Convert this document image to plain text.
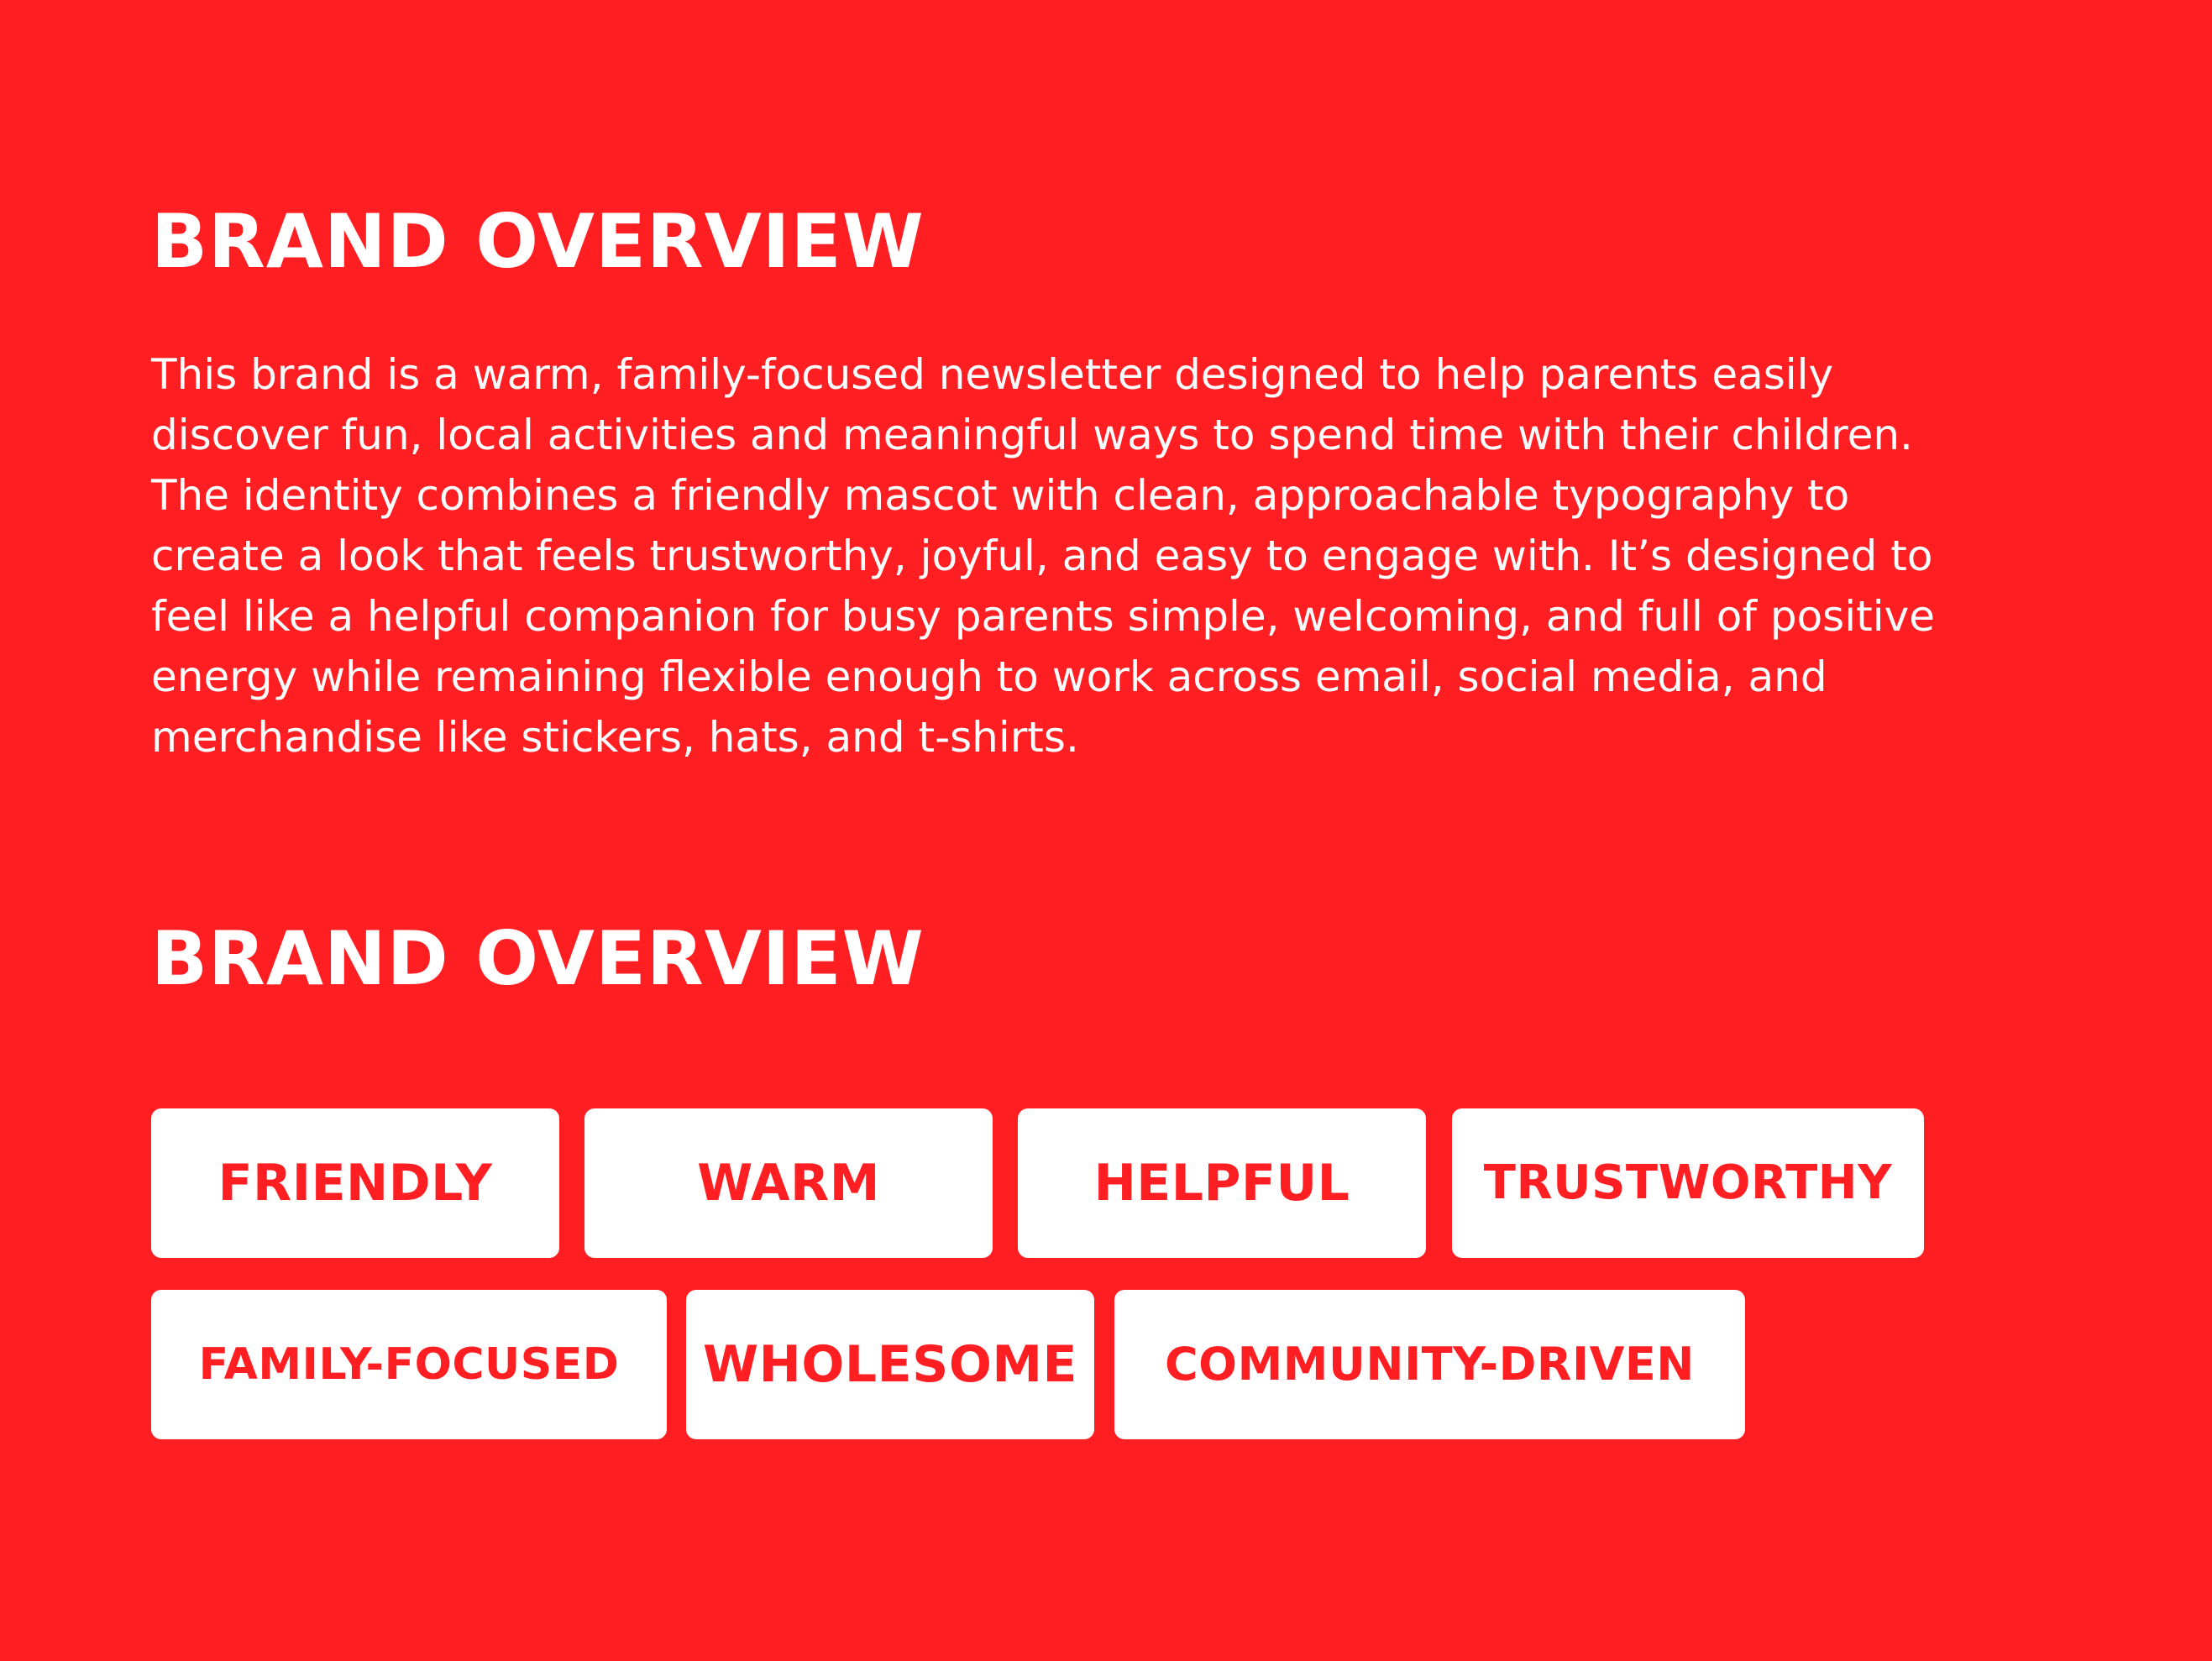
BRAND OVERVIEW

This brand is a warm, family-focused newsletter designed to help parents easily discover fun, local activities and meaningful ways to spend time with their children. The identity combines a friendly mascot with clean, approachable typography to create a look that feels trustworthy, joyful, and easy to engage with. It’s designed to feel like a helpful companion for busy parents simple, welcoming, and full of positive energy while remaining flexible enough to work across email, social media, and merchandise like stickers, hats, and t-shirts.

BRAND OVERVIEW
FRIENDLY	WARM	HELPFUL	TRUSTWORTHY
FAMILY-FOCUSED WHOLESOME COMMUNITY-DRIVEN
